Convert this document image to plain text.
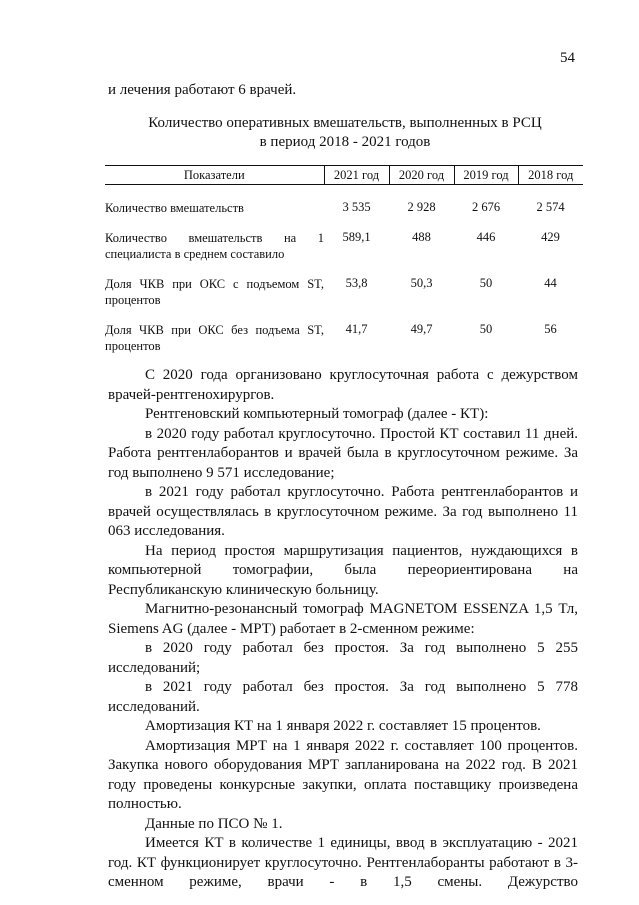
54
и лечения работают 6 врачей.
Количество оперативных вмешательств, выполненных в РСЦ
в период 2018 - 2021 годов
Показатели	2021 год	2020 год	2019 год	2018 год
Количество вмешательств	3 535	2 928	2 676	2 574
Количество вмешательств на 1 специалиста в среднем составило	589,1	488	446	429
Доля ЧКВ при ОКС с подъемом ST, процентов	53,8	50,3	50	44
Доля ЧКВ при ОКС без подъема ST, процентов	41,7	49,7	50	56

С 2020 года организовано круглосуточная работа с дежурством врачей-рентгенохирургов.

Рентгеновский компьютерный томограф (далее - КТ):

в 2020 году работал круглосуточно. Простой КТ составил 11 дней. Работа рентгенлаборантов и врачей была в круглосуточном режиме. За год выполнено 9 571 исследование;

в 2021 году работал круглосуточно. Работа рентгенлаборантов и врачей осуществлялась в круглосуточном режиме. За год выполнено 11 063 исследования.

На период простоя маршрутизация пациентов, нуждающихся в компьютерной томографии, была переориентирована на Республиканскую клиническую больницу.

Магнитно-резонансный томограф MAGNETOM ESSENZA 1,5 Тл, Siemens AG (далее - МРТ) работает в 2-сменном режиме:

в 2020 году работал без простоя. За год выполнено 5 255 исследований;

в 2021 году работал без простоя. За год выполнено 5 778 исследований.

Амортизация КТ на 1 января 2022 г. составляет 15 процентов.

Амортизация МРТ на 1 января 2022 г. составляет 100 процентов. Закупка нового оборудования МРТ запланирована на 2022 год. В 2021 году проведены конкурсные закупки, оплата поставщику произведена полностью.

Данные по ПСО № 1.

Имеется КТ в количестве 1 единицы, ввод в эксплуатацию - 2021 год. КТ функционирует круглосуточно. Рентгенлаборанты работают в 3-сменном режиме, врачи - в 1,5 смены. Дежурство
